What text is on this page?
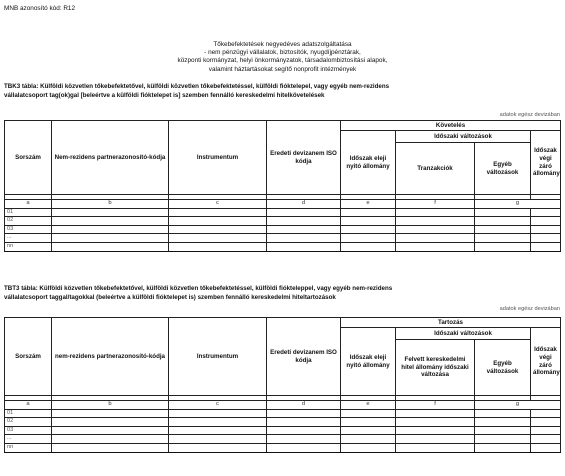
MNB azonosító kód: R12
Tőkebefektetések negyedéves adatszolgáltatása
- nem pénzügyi vállalatok, biztosítók, nyugdíjpénztárak,
központi kormányzat, helyi önkormányzatok, társadalombiztosítási alapok,
valamint háztartásokat segítő nonprofit intézmények
TBK3 tábla: Külföldi közvetlen tőkebefektetővel, külföldi közvetlen tőkebefektetéssel, külföldi fióktelepel, vagy egyéb nem-rezidens
vállalatcsoport tag(ok)gal [beleértve a külföldi fióktelepet is] szemben fennálló kereskedelmi hitelkövetelések
adatok egész devizában
Sorszám	Nem-rezidens partnerazonosító-kódja	Instrumentum	Eredeti devizanem ISO kódja	Követelés			
				Időszak eleji nyitó állomány	Időszaki változások		Időszak végi záró állomány
					Tranzakciók	Egyéb változások	

a	b	c	d	e	f	g	
01							
02							
03							
...							
nn							
TBT3 tábla: Külföldi közvetlen tőkebefektetővel, külföldi közvetlen tőkebefektetéssel, külföldi fiókteleppel, vagy egyéb nem-rezidens
vállalatcsoport taggal/tagokkal (beleértve a külföldi fióktelepet is) szemben fennálló kereskedelmi hiteltartozások
adatok egész devizában
Sorszám	nem-rezidens partnerazonosító-kódja	Instrumentum	Eredeti devizanem ISO kódja	Tartozás			
				Időszak eleji nyitó állomány	Időszaki változások		Időszak végi záró állomány
					Felvett kereskedelmi hitel állomány időszaki változása	Egyéb változások	

a	b	c	d	e	f	g	
01							
02							
03							
...							
nn							
